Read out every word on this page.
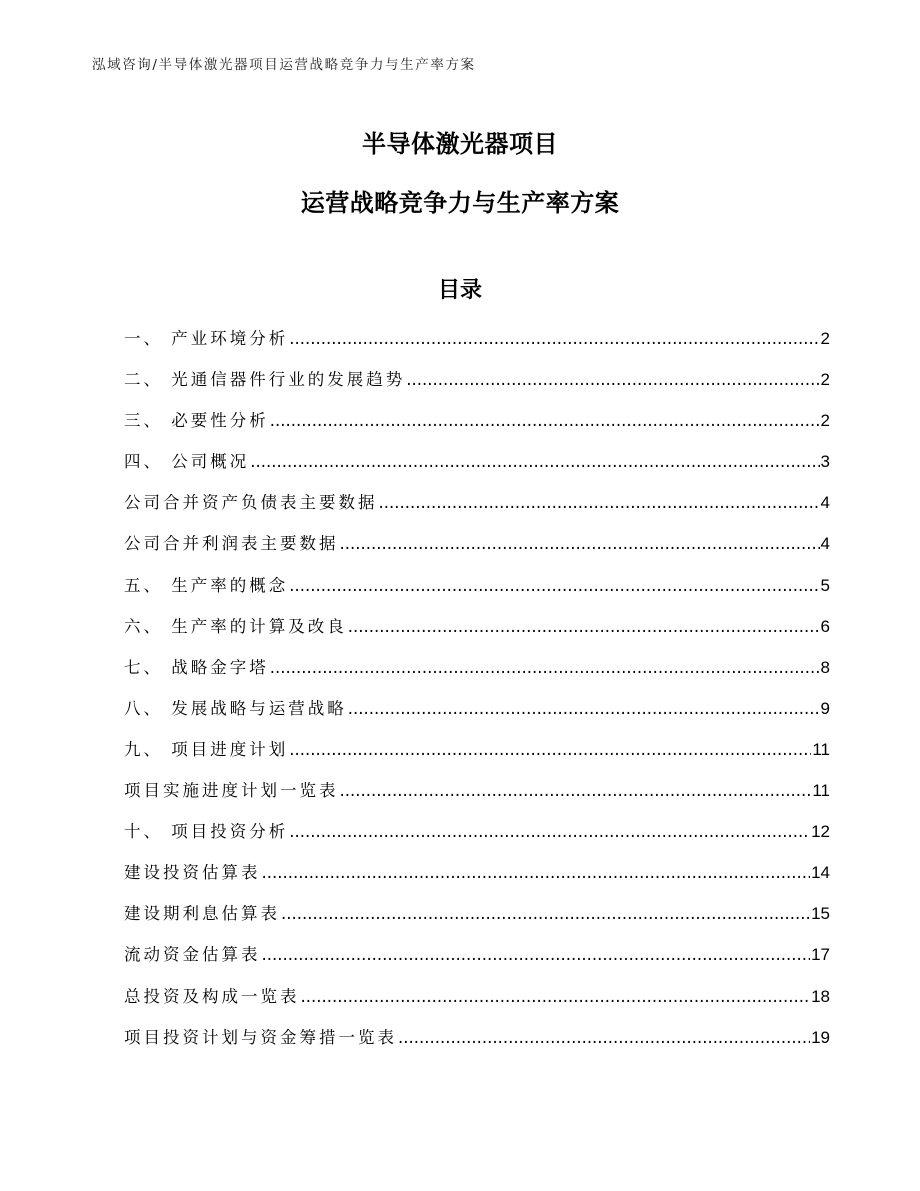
泓域咨询/半导体激光器项目运营战略竞争力与生产率方案
半导体激光器项目
运营战略竞争力与生产率方案
目录
一、 产业环境分析 .....	2
二、 光通信器件行业的发展趋势 .....	2
三、 必要性分析 .....	2
四、 公司概况 .....	3
公司合并资产负债表主要数据 .....	4
公司合并利润表主要数据 .....	4
五、 生产率的概念 .....	5
六、 生产率的计算及改良 .....	6
七、 战略金字塔 .....	8
八、 发展战略与运营战略 .....	9
九、 项目进度计划 .....	11
项目实施进度计划一览表 .....	11
十、 项目投资分析 .....	12
建设投资估算表 .....	14
建设期利息估算表 .....	15
流动资金估算表 .....	17
总投资及构成一览表 .....	18
项目投资计划与资金筹措一览表 .....	19
